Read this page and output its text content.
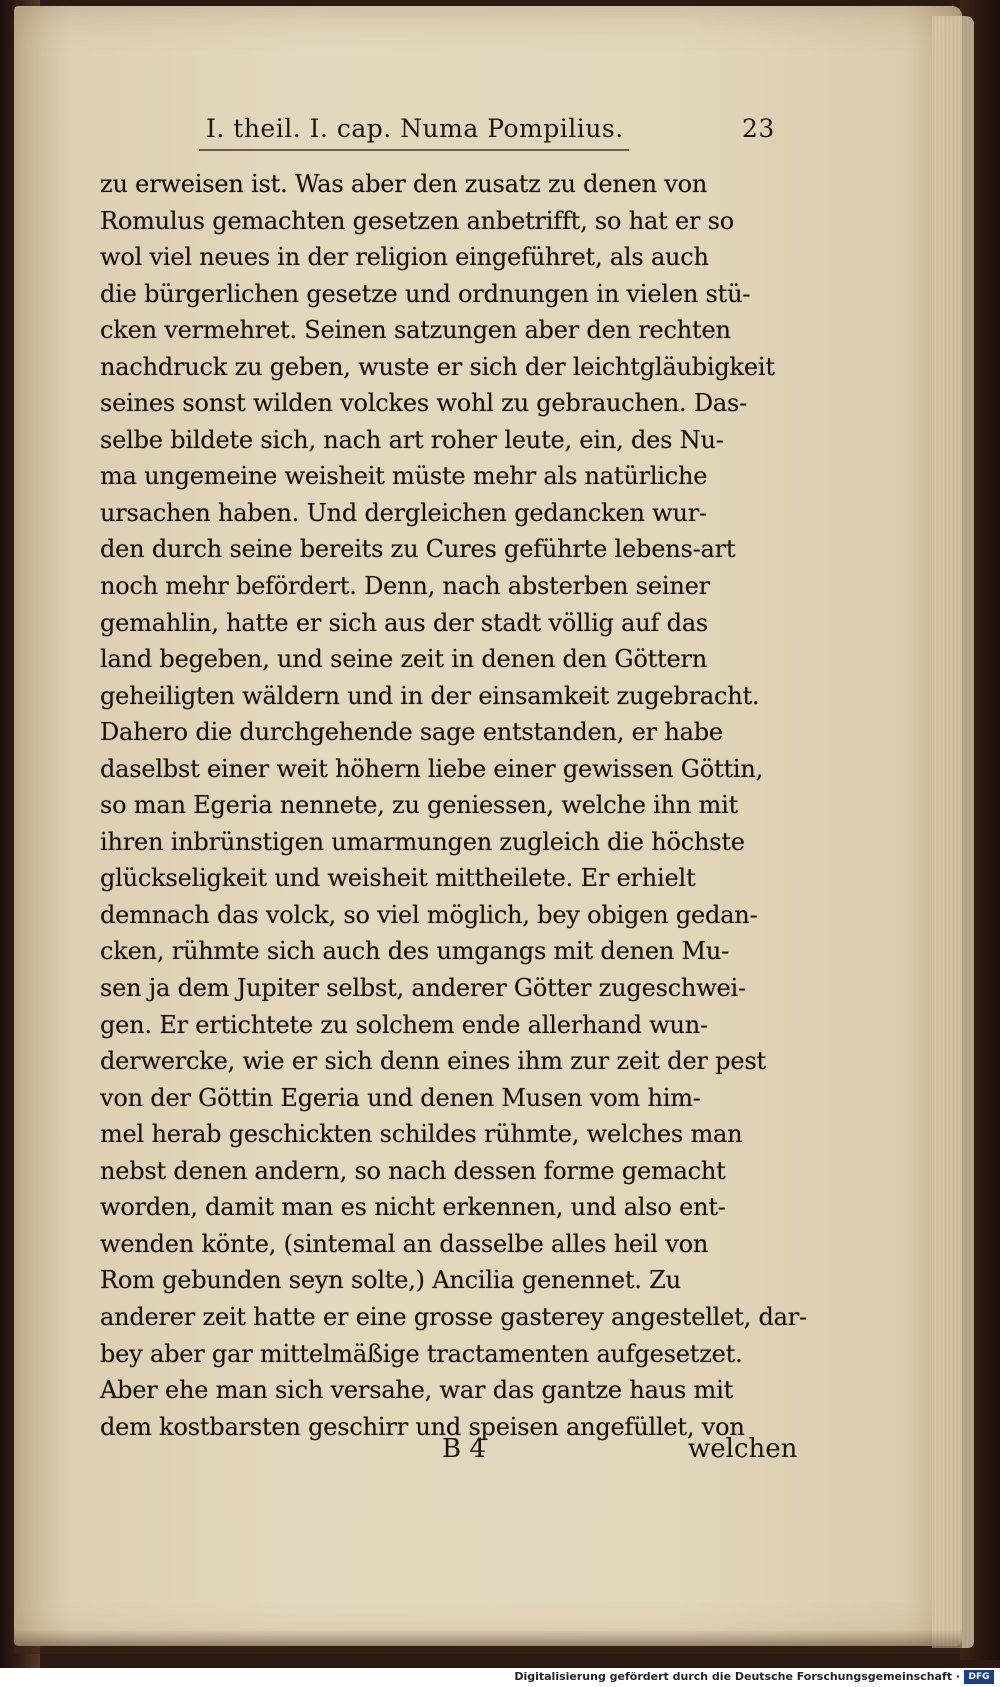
I. theil. I. cap. Numa Pompilius.	23
zu erweisen ist. Was aber den zusatz zu denen von
Romulus gemachten gesetzen anbetrifft, so hat er so
wol viel neues in der religion eingeführet, als auch
die bürgerlichen gesetze und ordnungen in vielen stü-
cken vermehret. Seinen satzungen aber den rechten
nachdruck zu geben, wuste er sich der leichtgläubigkeit
seines sonst wilden volckes wohl zu gebrauchen. Das-
selbe bildete sich, nach art roher leute, ein, des Nu-
ma ungemeine weisheit müste mehr als natürliche
ursachen haben. Und dergleichen gedancken wur-
den durch seine bereits zu Cures geführte lebens-art
noch mehr befördert. Denn, nach absterben seiner
gemahlin, hatte er sich aus der stadt völlig auf das
land begeben, und seine zeit in denen den Göttern
geheiligten wäldern und in der einsamkeit zugebracht.
Dahero die durchgehende sage entstanden, er habe
daselbst einer weit höhern liebe einer gewissen Göttin,
so man Egeria nennete, zu geniessen, welche ihn mit
ihren inbrünstigen umarmungen zugleich die höchste
glückseligkeit und weisheit mittheilete. Er erhielt
demnach das volck, so viel möglich, bey obigen gedan-
cken, rühmte sich auch des umgangs mit denen Mu-
sen ja dem Jupiter selbst, anderer Götter zugeschwei-
gen. Er ertichtete zu solchem ende allerhand wun-
derwercke, wie er sich denn eines ihm zur zeit der pest
von der Göttin Egeria und denen Musen vom him-
mel herab geschickten schildes rühmte, welches man
nebst denen andern, so nach dessen forme gemacht
worden, damit man es nicht erkennen, und also ent-
wenden könte, (sintemal an dasselbe alles heil von
Rom gebunden seyn solte,) Ancilia genennet. Zu
anderer zeit hatte er eine grosse gasterey angestellet, dar-
bey aber gar mittelmäßige tractamenten aufgesetzet.
Aber ehe man sich versahe, war das gantze haus mit
dem kostbarsten geschirr und speisen angefüllet, von
B 4	welchen
Digitalisierung gefördert durch die Deutsche Forschungsgemeinschaft · DFG
